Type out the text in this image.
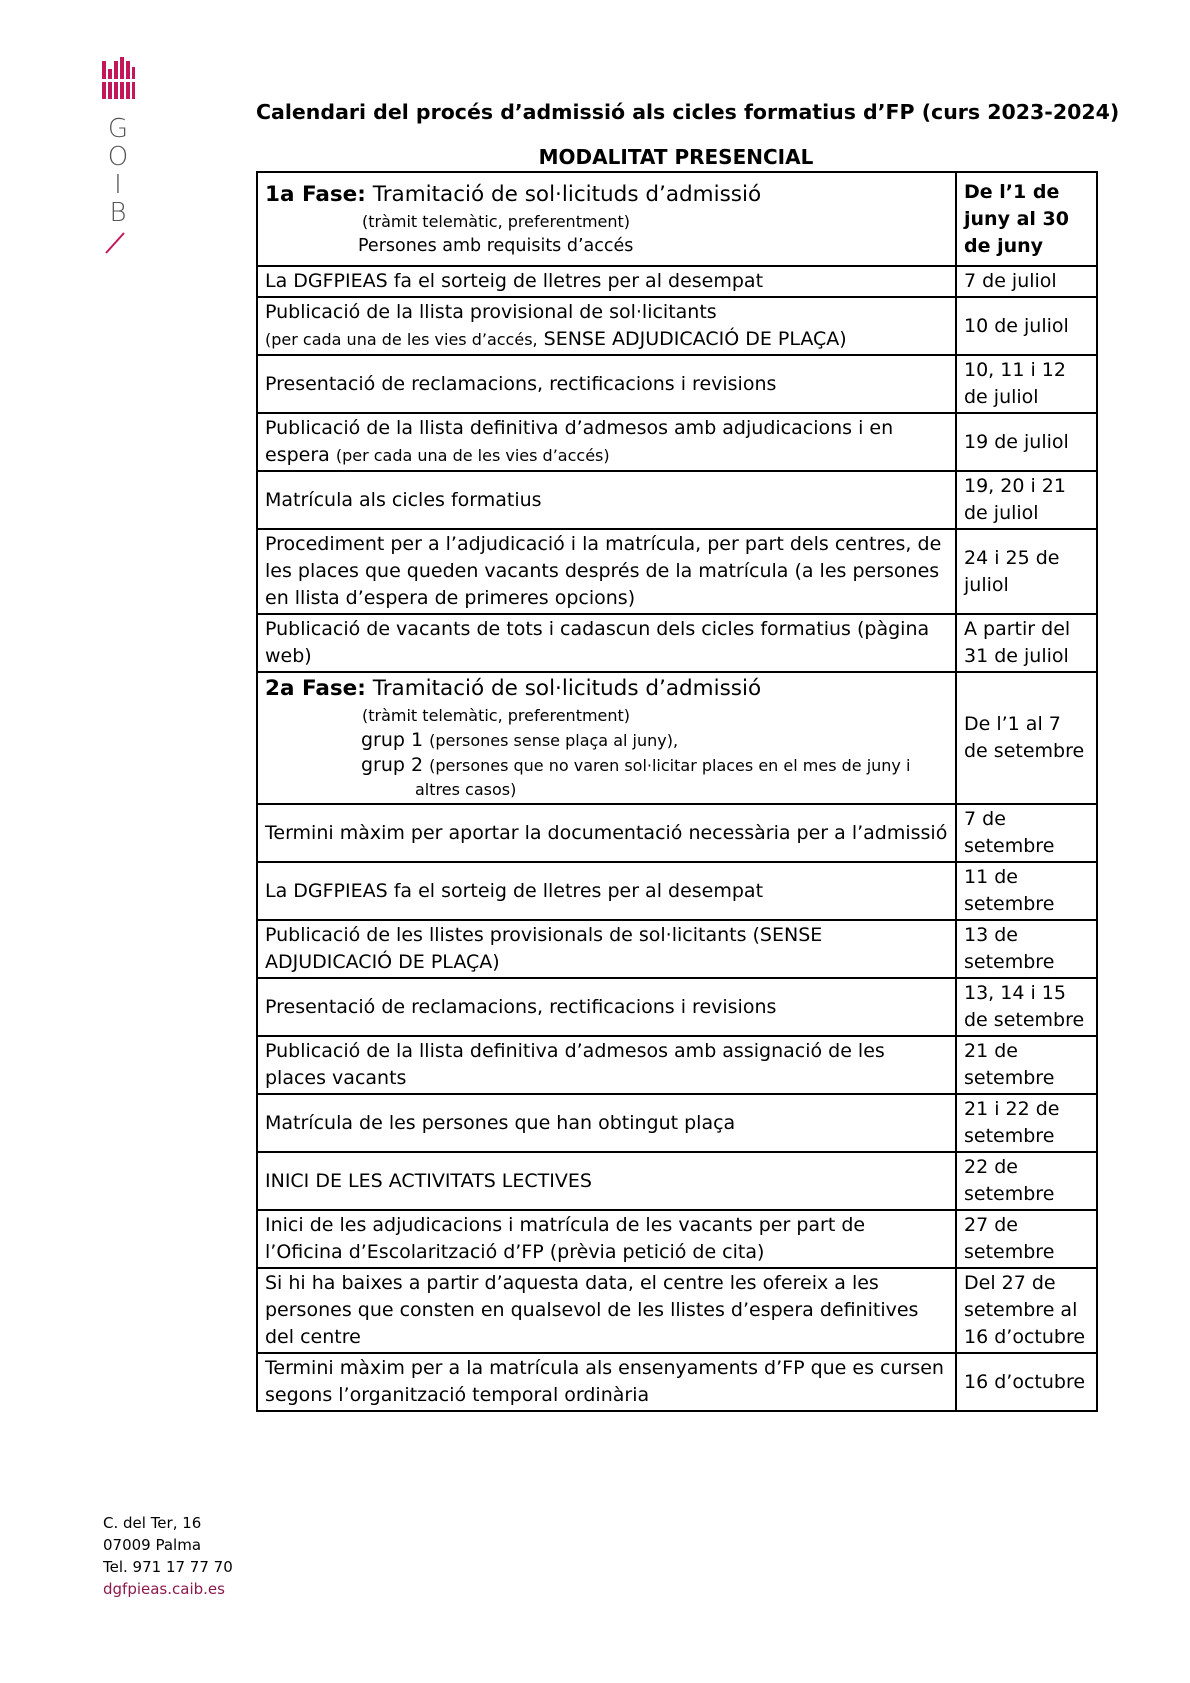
G
O
I
B
Calendari del procés d’admissió als cicles formatius d’FP (curs 2023-2024)
MODALITAT PRESENCIAL
1a Fase: Tramitació de sol·licituds d’admissió
(tràmit telemàtic, preferentment)
Persones amb requisits d’accés	De l’1 de juny al 30 de juny
La DGFPIEAS fa el sorteig de lletres per al desempat	7 de juliol
Publicació de la llista provisional de sol·licitants
(per cada una de les vies d’accés, SENSE ADJUDICACIÓ DE PLAÇA)	10 de juliol
Presentació de reclamacions, rectificacions i revisions	10, 11 i 12 de juliol
Publicació de la llista definitiva d’admesos amb adjudicacions i en espera (per cada una de les vies d’accés)	19 de juliol
Matrícula als cicles formatius	19, 20 i 21 de juliol
Procediment per a l’adjudicació i la matrícula, per part dels centres, de les places que queden vacants després de la matrícula (a les persones en llista d’espera de primeres opcions)	24 i 25 de juliol
Publicació de vacants de tots i cadascun dels cicles formatius (pàgina web)	A partir del 31 de juliol

2a Fase: Tramitació de sol·licituds d’admissió
(tràmit telemàtic, preferentment)
grup 1 (persones sense plaça al juny),
grup 2 (persones que no varen sol·licitar places en el mes de juny i
altres casos)	De l’1 al 7 de setembre
Termini màxim per aportar la documentació necessària per a l’admissió	7 de setembre
La DGFPIEAS fa el sorteig de lletres per al desempat	11 de setembre
Publicació de les llistes provisionals de sol·licitants (SENSE ADJUDICACIÓ DE PLAÇA)	13 de setembre
Presentació de reclamacions, rectificacions i revisions	13, 14 i 15 de setembre
Publicació de la llista definitiva d’admesos amb assignació de les places vacants	21 de setembre
Matrícula de les persones que han obtingut plaça	21 i 22 de setembre
INICI DE LES ACTIVITATS LECTIVES	22 de setembre
Inici de les adjudicacions i matrícula de les vacants per part de l’Oficina d’Escolarització d’FP (prèvia petició de cita)	27 de setembre
Si hi ha baixes a partir d’aquesta data, el centre les ofereix a les persones que consten en qualsevol de les llistes d’espera definitives del centre	Del 27 de setembre al 16 d’octubre
Termini màxim per a la matrícula als ensenyaments d’FP que es cursen segons l’organització temporal ordinària	16 d’octubre
C. del Ter, 16
07009 Palma
Tel. 971 17 77 70
dgfpieas.caib.es
